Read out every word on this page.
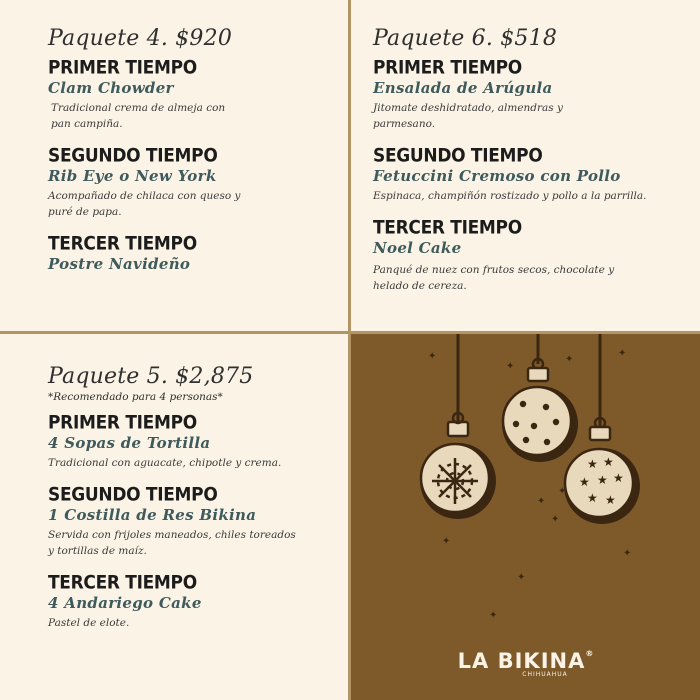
Paquete 4. $920
PRIMER TIEMPO
Clam Chowder
Tradicional crema de almeja con pan campiña.
SEGUNDO TIEMPO
Rib Eye o New York
Acompañado de chilaca con queso y puré de papa.
TERCER TIEMPO
Postre Navideño
Paquete 6. $518
PRIMER TIEMPO
Ensalada de Arúgula
Jitomate deshidratado, almendras y parmesano.
SEGUNDO TIEMPO
Fetuccini Cremoso con Pollo
Espinaca, champiñón rostizado y pollo a la parrilla.
TERCER TIEMPO
Noel Cake
Panqué de nuez con frutos secos, chocolate y helado de cereza.
Paquete 5. $2,875
*Recomendado para 4 personas*
PRIMER TIEMPO
4 Sopas de Tortilla
Tradicional con aguacate, chipotle y crema.
SEGUNDO TIEMPO
1 Costilla de Res Bikina
Servida con frijoles maneados, chiles toreados y tortillas de maíz.
TERCER TIEMPO
4 Andariego Cake
Pastel de elote.
★ ★
★ ★ ★
★ ★
✦
✦
✦
✦
✦
✦
✦
✦
✦
✦
✦
LA BIKINA®
CHIHUAHUA
